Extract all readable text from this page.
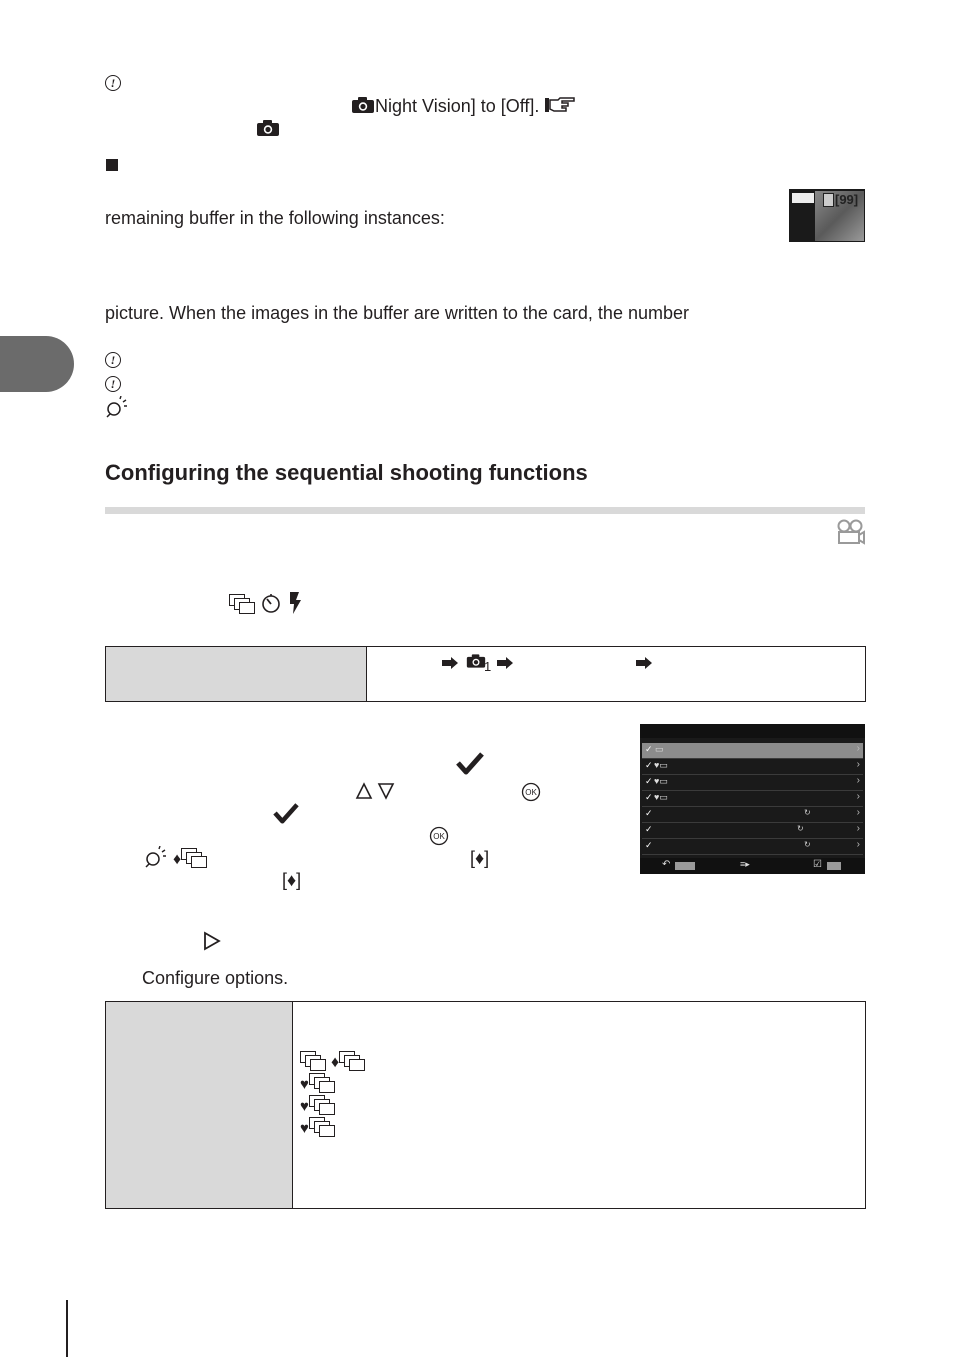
!
Night Vision] to [Off].
remaining buffer in the following instances:
picture. When the images in the buffer are written to the card, the number
[99]
!
!
Configuring the sequential shooting functions

1
OK
OK
♦	[♦]
[♦]
✓ ▭	›
✓ ♥▭	›
✓ ♥▭	›
✓ ♥▭	›
✓	↻	›
✓	↻	›
✓	↻	›
↶	≡▸	☑
Configure options.
♦
♥
♥
♥
